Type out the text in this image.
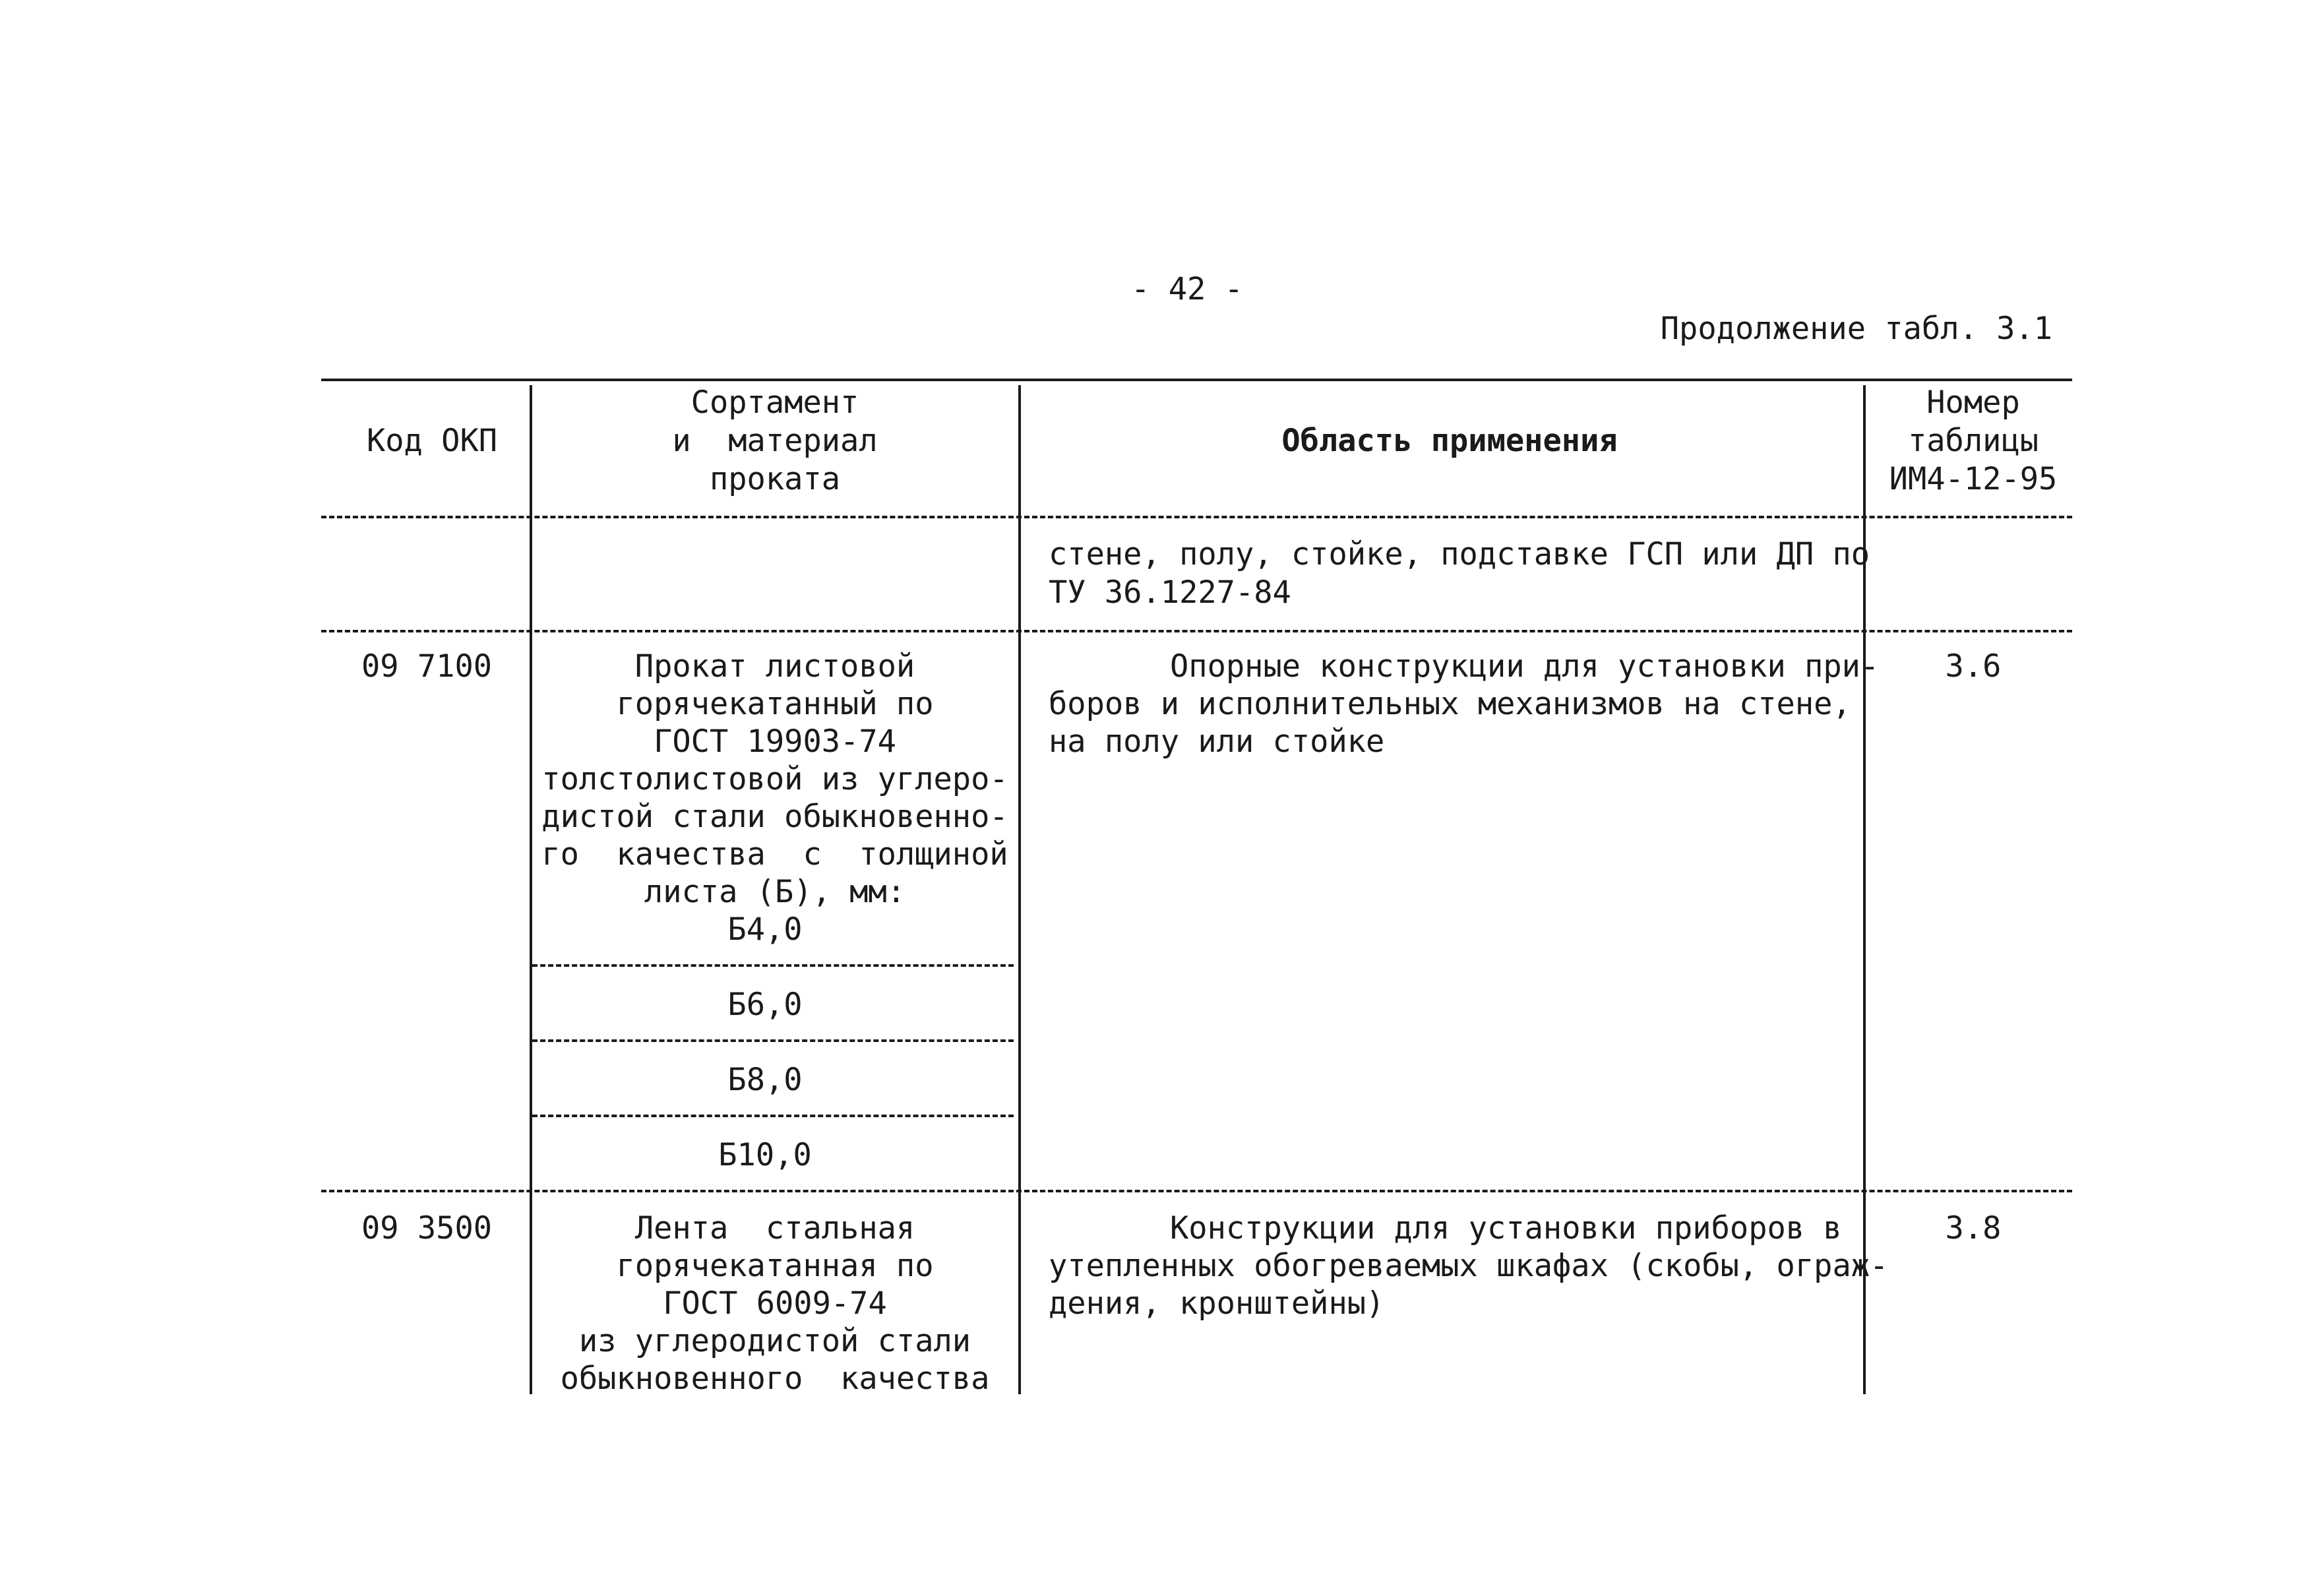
- 42 -
Продолжение табл. 3.1
Код ОКП
Сортамент
и  материал
проката
Область применения
Номер
таблицы
ИМ4-12-95
стене, полу, стойке, подставке ГСП или ДП по
ТУ 36.1227-84
09 7100	Прокат листовой
горячекатанный по
ГОСТ 19903-74
толстолистовой из углеро-
дистой стали обыкновенно-
го  качества  с  толщиной
листа (Б), мм:
Б4,0
Б6,0
Б8,0
Б10,0
Опорные конструкции для установки при-
боров и исполнительных механизмов на стене,
на полу или стойке
3.6
09 3500	Лента  стальная
горячекатанная по
ГОСТ 6009-74
из углеродистой стали
обыкновенного  качества
Конструкции для установки приборов в
утепленных обогреваемых шкафах (скобы, ограж-
дения, кронштейны)
3.8
